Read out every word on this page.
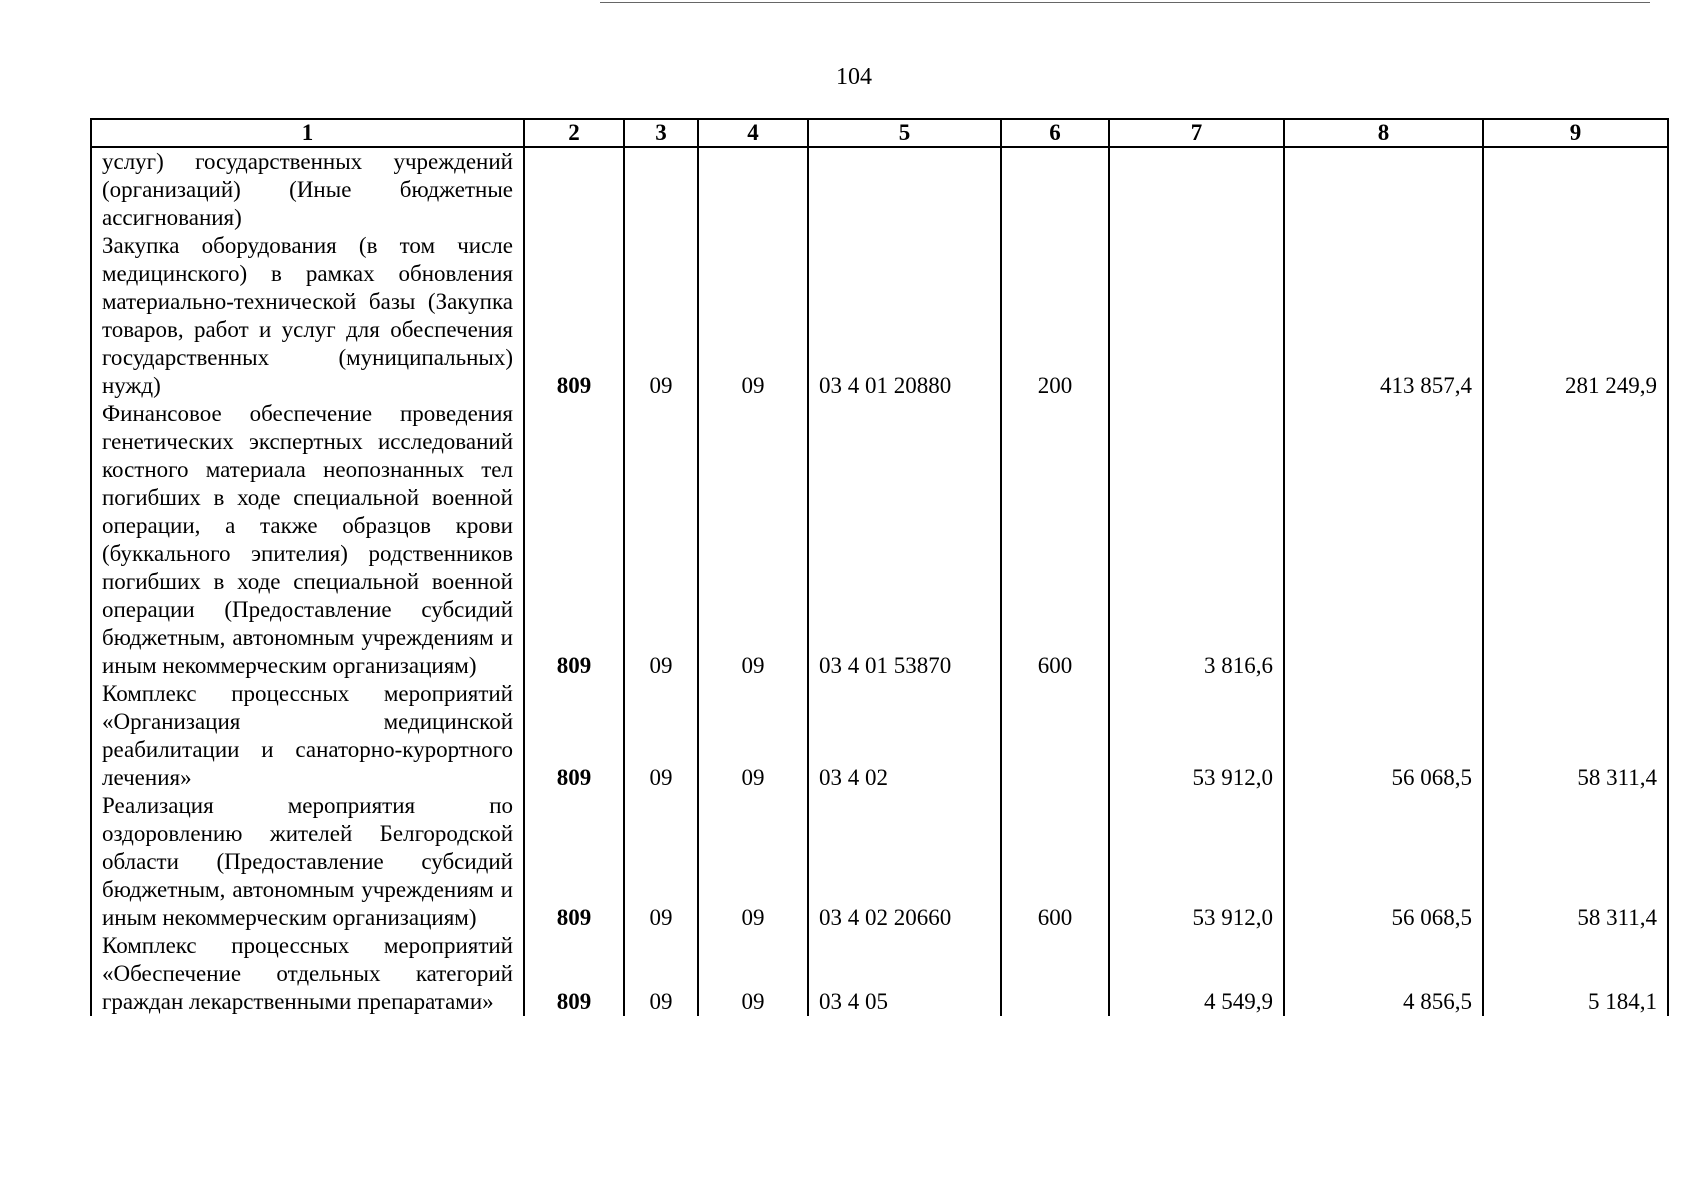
104
1	2	3	4	5	6	7	8	9
услуг) государственных учреждений (организаций) (Иные бюджетные ассигнования)								
Закупка оборудования (в том числе медицинского) в рамках обновления материально-технической базы (Закупка товаров, работ и услуг для обеспечения государственных (муниципальных) нужд)	809	09	09	03 4 01 20880	200		413 857,4	281 249,9
Финансовое обеспечение проведения генетических экспертных исследований костного материала неопознанных тел погибших в ходе специальной военной операции, а также образцов крови (буккального эпителия) родственников погибших в ходе специальной военной операции (Предоставление субсидий бюджетным, автономным учреждениям и иным некоммерческим организациям)	809	09	09	03 4 01 53870	600	3 816,6		
Комплекс процессных мероприятий «Организация медицинской реабилитации и санаторно-курортного лечения»	809	09	09	03 4 02		53 912,0	56 068,5	58 311,4
Реализация мероприятия по оздоровлению жителей Белгородской области (Предоставление субсидий бюджетным, автономным учреждениям и иным некоммерческим организациям)	809	09	09	03 4 02 20660	600	53 912,0	56 068,5	58 311,4
Комплекс процессных мероприятий «Обеспечение отдельных категорий граждан лекарственными препаратами»	809	09	09	03 4 05		4 549,9	4 856,5	5 184,1
